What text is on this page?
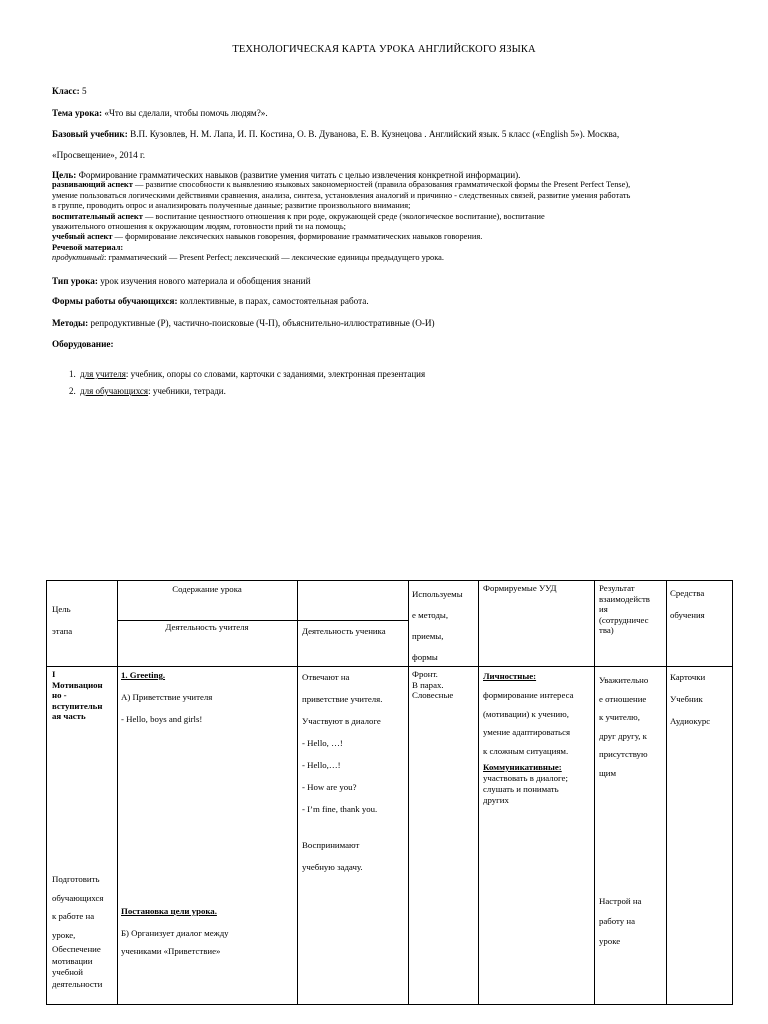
ТЕХНОЛОГИЧЕСКАЯ КАРТА УРОКА АНГЛИЙСКОГО ЯЗЫКА
Класс: 5
Тема урока: «Что вы сделали, чтобы помочь людям?».
Базовый учебник: В.П. Кузовлев, Н. М. Лапа, И. П. Костина, О. В. Дуванова, Е. В. Кузнецова . Английский язык. 5 класс («English 5»). Москва,
«Просвещение», 2014 г.
Цель: Формирование грамматических навыков (развитие умения читать с целью извлечения конкретной информации).
развивающий аспект — развитие способности к выявлению языковых закономерностей (правила образования грамматической формы the Present Perfect Tense),
умение пользоваться логическими действиями сравнения, анализа, синтеза, установления аналогий и причинно - следственных связей, развитие умения работать
в группе, проводить опрос и анализировать полученные данные; развитие произвольного внимания;
воспитательный аспект — воспитание ценностного отношения к при роде, окружающей среде (экологическое воспитание), воспитание
уважительного отношения к окружающим людям, готовности прий ти на помощь;
учебный аспект — формирование лексических навыков говорения, формирование грамматических навыков говорения.
Речевой материал:
продуктивный: грамматический — Present Perfect; лексический — лексические единицы предыдущего урока.
Тип урока: урок изучения нового материала и обобщения знаний
Формы работы обучающихся: коллективные, в парах, самостоятельная работа.
Методы: репродуктивные (Р), частично-поисковые (Ч-П), объяснительно-иллюстративные (О-И)
Оборудование:
1. для учителя: учебник, опоры со словами, карточки с заданиями, электронная презентация
2. для обучающихся: учебники, тетради.

Цель

этапа

Содержание урока
Деятельность учителя	Деятельность ученика

Используемы

е методы,

приемы,

формы

Формируемые УУД	Результат

взаимодейств

ия

(сотрудничес

тва)

Средства

обучения

I

Мотивацион

но -

вступительн

ая часть

Подготовить

обучающихся

к работе на

уроке,

Обеспечение

мотивации

учебной

деятельности

1. Greeting.

А) Приветствие учителя

- Hello, boys and girls!

Постановка цели урока.

Б) Организует диалог между

учениками «Приветствие»

Отвечают на

приветствие учителя.

Участвуют в диалоге

- Hello, …!

- Hello,…!

- How are you?

- I’m fine, thank you.

Воспринимают

учебную задачу.

Фронт.

В парах.

Словесные

Личностные:

формирование интереса

(мотивации) к учению,

умение адаптироваться

к сложным ситуациям.

Коммуникативные:

участвовать в диалоге;

слушать и понимать

других

Уважительно

е отношение

к учителю,

друг другу, к

присутствую

щим

Настрой на

работу на

уроке

Карточки

Учебник

Аудиокурс
